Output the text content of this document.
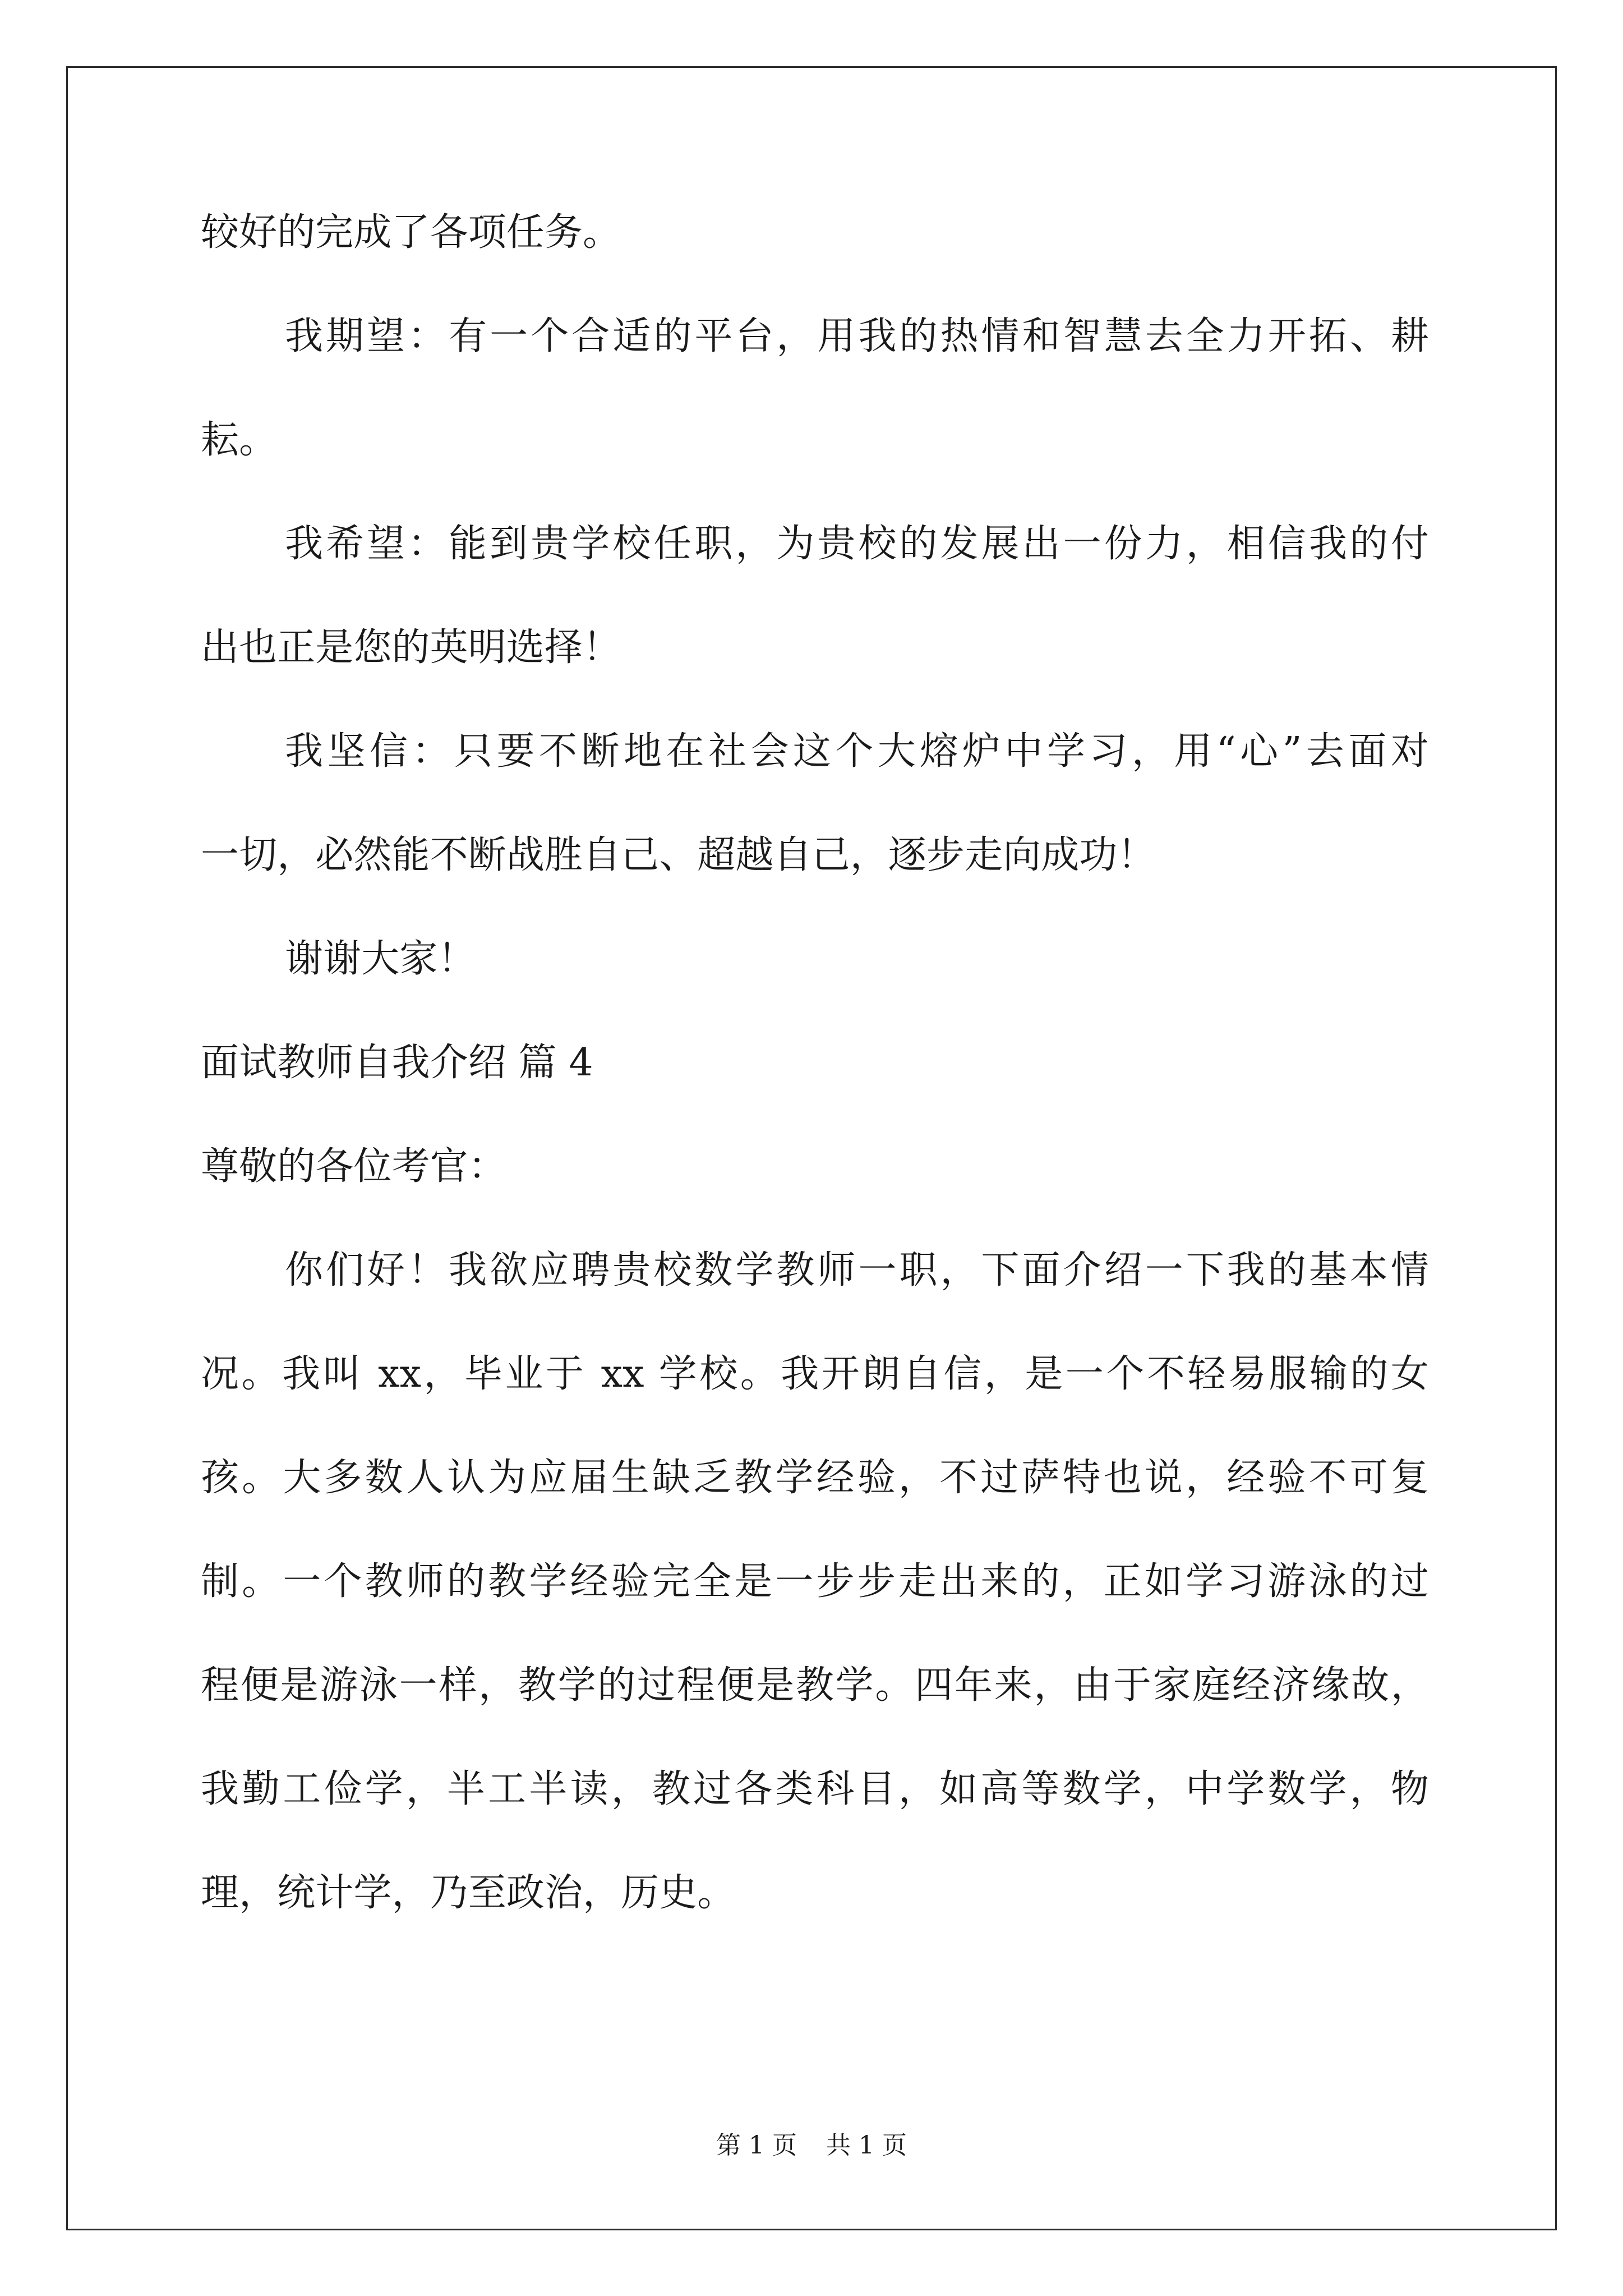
较好的完成了各项任务。
我期望：有一个合适的平台，用我的热情和智慧去全力开拓、耕
耘。
我希望：能到贵学校任职，为贵校的发展出一份力，相信我的付
出也正是您的英明选择！
我坚信：只要不断地在社会这个大熔炉中学习，用“心”去面对
一切，必然能不断战胜自己、超越自己，逐步走向成功！
谢谢大家！
面试教师自我介绍 篇 4
尊敬的各位考官：
你们好！我欲应聘贵校数学教师一职，下面介绍一下我的基本情
况。我叫 xx，毕业于 xx 学校。我开朗自信，是一个不轻易服输的女
孩。大多数人认为应届生缺乏教学经验，不过萨特也说，经验不可复
制。一个教师的教学经验完全是一步步走出来的，正如学习游泳的过
程便是游泳一样，教学的过程便是教学。四年来，由于家庭经济缘故，
我勤工俭学，半工半读，教过各类科目，如高等数学，中学数学，物
理，统计学，乃至政治，历史。
第 1 页 共 1 页
